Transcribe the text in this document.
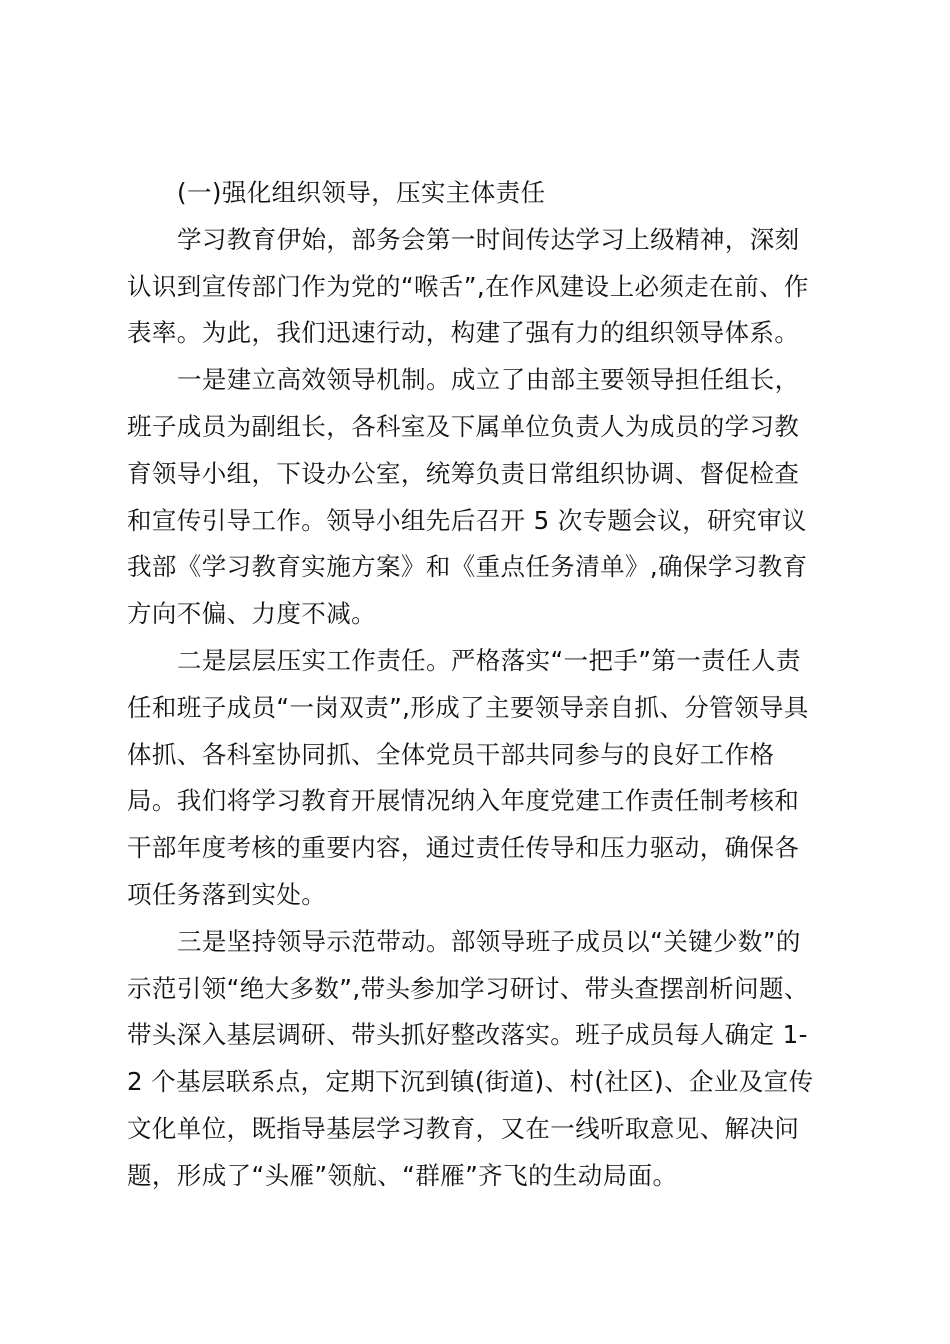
(一)强化组织领导，压实主体责任
学习教育伊始，部务会第一时间传达学习上级精神，深刻
认识到宣传部门作为党的“喉舌”,在作风建设上必须走在前、作
表率。为此，我们迅速行动，构建了强有力的组织领导体系。
一是建立高效领导机制。成立了由部主要领导担任组长，
班子成员为副组长，各科室及下属单位负责人为成员的学习教
育领导小组，下设办公室，统筹负责日常组织协调、督促检查
和宣传引导工作。领导小组先后召开 5 次专题会议，研究审议
我部《学习教育实施方案》和《重点任务清单》,确保学习教育
方向不偏、力度不减。
二是层层压实工作责任。严格落实“一把手”第一责任人责
任和班子成员“一岗双责”,形成了主要领导亲自抓、分管领导具
体抓、各科室协同抓、全体党员干部共同参与的良好工作格
局。我们将学习教育开展情况纳入年度党建工作责任制考核和
干部年度考核的重要内容，通过责任传导和压力驱动，确保各
项任务落到实处。
三是坚持领导示范带动。部领导班子成员以“关键少数”的
示范引领“绝大多数”,带头参加学习研讨、带头查摆剖析问题、
带头深入基层调研、带头抓好整改落实。班子成员每人确定 1-
2 个基层联系点，定期下沉到镇(街道)、村(社区)、企业及宣传
文化单位，既指导基层学习教育，又在一线听取意见、解决问
题，形成了“头雁”领航、“群雁”齐飞的生动局面。
